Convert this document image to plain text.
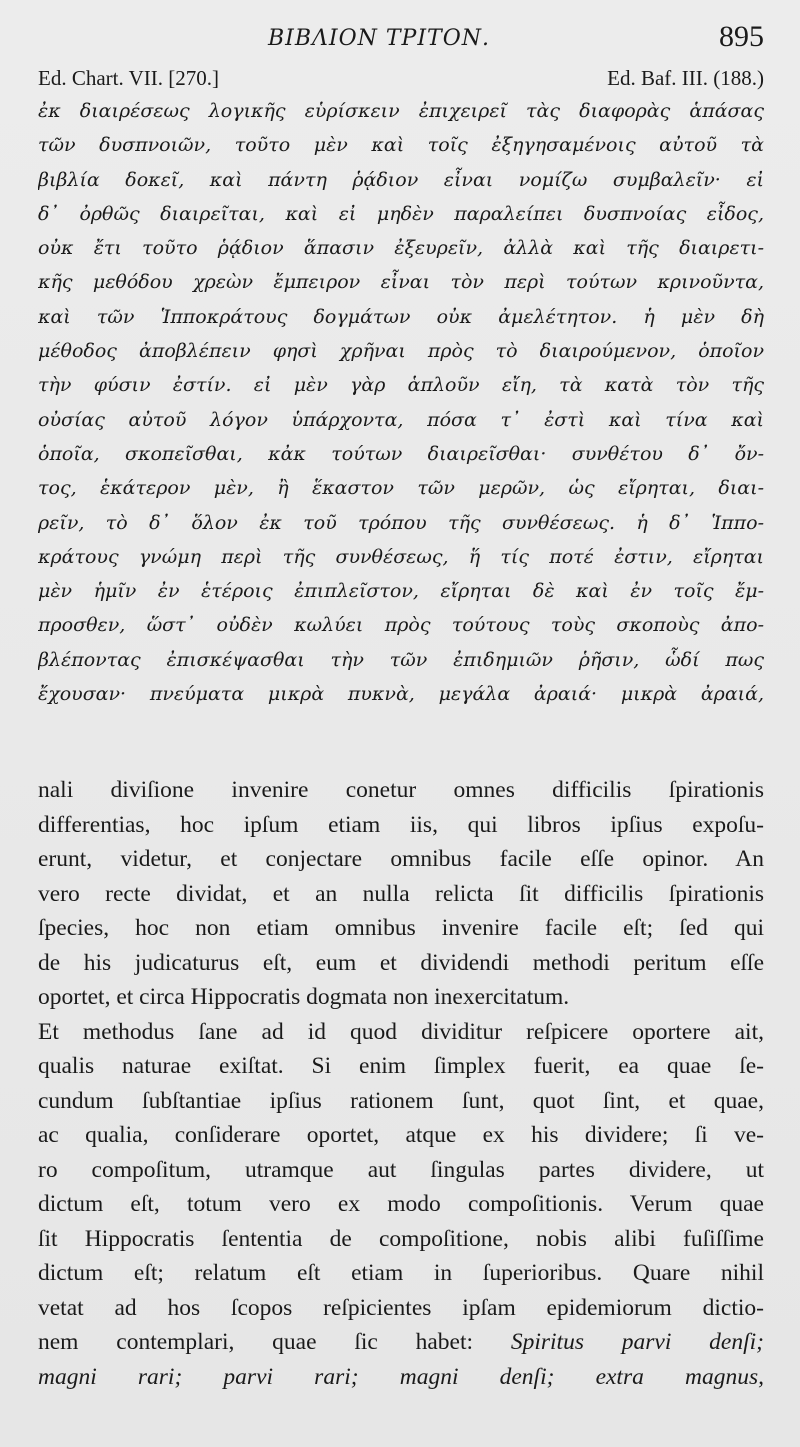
ΒΙΒΛΙΟΝ ΤΡΙΤΟΝ.	895
Ed. Chart. VII. [270.]	Ed. Baf. III. (188.)
ἐκ διαιρέσεως λογικῆς εὑρίσκειν ἐπιχειρεῖ τὰς διαφορὰς ἁπάσας
τῶν δυσπνοιῶν, τοῦτο μὲν καὶ τοῖς ἐξηγησαμένοις αὐτοῦ τὰ
βιβλία δοκεῖ, καὶ πάντη ῥᾴδιον εἶναι νομίζω συμβαλεῖν· εἰ
δ᾽ ὀρθῶς διαιρεῖται, καὶ εἰ μηδὲν παραλείπει δυσπνοίας εἶδος,
οὐκ ἔτι τοῦτο ῥᾴδιον ἅπασιν ἐξευρεῖν, ἀλλὰ καὶ τῆς διαιρετι-
κῆς μεθόδου χρεὼν ἔμπειρον εἶναι τὸν περὶ τούτων κρινοῦντα,
καὶ τῶν Ἱπποκράτους δογμάτων οὐκ ἀμελέτητον. ἡ μὲν δὴ
μέθοδος ἀποβλέπειν φησὶ χρῆναι πρὸς τὸ διαιρούμενον, ὁποῖον
τὴν φύσιν ἐστίν. εἰ μὲν γὰρ ἁπλοῦν εἴη, τὰ κατὰ τὸν τῆς
οὐσίας αὐτοῦ λόγον ὑπάρχοντα, πόσα τ᾽ ἐστὶ καὶ τίνα καὶ
ὁποῖα, σκοπεῖσθαι, κἀκ τούτων διαιρεῖσθαι· συνθέτου δ᾽ ὄν-
τος, ἑκάτερον μὲν, ἢ ἕκαστον τῶν μερῶν, ὡς εἴρηται, διαι-
ρεῖν, τὸ δ᾽ ὅλον ἐκ τοῦ τρόπου τῆς συνθέσεως. ἡ δ᾽ Ἱππο-
κράτους γνώμη περὶ τῆς συνθέσεως, ἥ τίς ποτέ ἐστιν, εἴρηται
μὲν ἡμῖν ἐν ἑτέροις ἐπιπλεῖστον, εἴρηται δὲ καὶ ἐν τοῖς ἔμ-
προσθεν, ὥστ᾽ οὐδὲν κωλύει πρὸς τούτους τοὺς σκοποὺς ἀπο-
βλέποντας ἐπισκέψασθαι τὴν τῶν ἐπιδημιῶν ῥῆσιν, ὧδί πως
ἔχουσαν· πνεύματα μικρὰ πυκνὰ, μεγάλα ἀραιά· μικρὰ ἀραιά,
nali diviſione invenire conetur omnes difficilis ſpirationis
differentias, hoc ipſum etiam iis, qui libros ipſius expoſu-
erunt, videtur, et conjectare omnibus facile eſſe opinor. An
vero recte dividat, et an nulla relicta ſit difficilis ſpirationis
ſpecies, hoc non etiam omnibus invenire facile eſt; ſed qui
de his judicaturus eſt, eum et dividendi methodi peritum eſſe
oportet, et circa Hippocratis dogmata non inexercitatum.
Et methodus ſane ad id quod dividitur reſpicere oportere ait,
qualis naturae exiſtat. Si enim ſimplex fuerit, ea quae ſe-
cundum ſubſtantiae ipſius rationem ſunt, quot ſint, et quae,
ac qualia, conſiderare oportet, atque ex his dividere; ſi ve-
ro compoſitum, utramque aut ſingulas partes dividere, ut
dictum eſt, totum vero ex modo compoſitionis. Verum quae
ſit Hippocratis ſententia de compoſitione, nobis alibi fuſiſſime
dictum eſt; relatum eſt etiam in ſuperioribus. Quare nihil
vetat ad hos ſcopos reſpicientes ipſam epidemiorum dictio-
nem contemplari, quae ſic habet: Spiritus parvi denſi;
magni rari; parvi rari; magni denſi; extra magnus,
